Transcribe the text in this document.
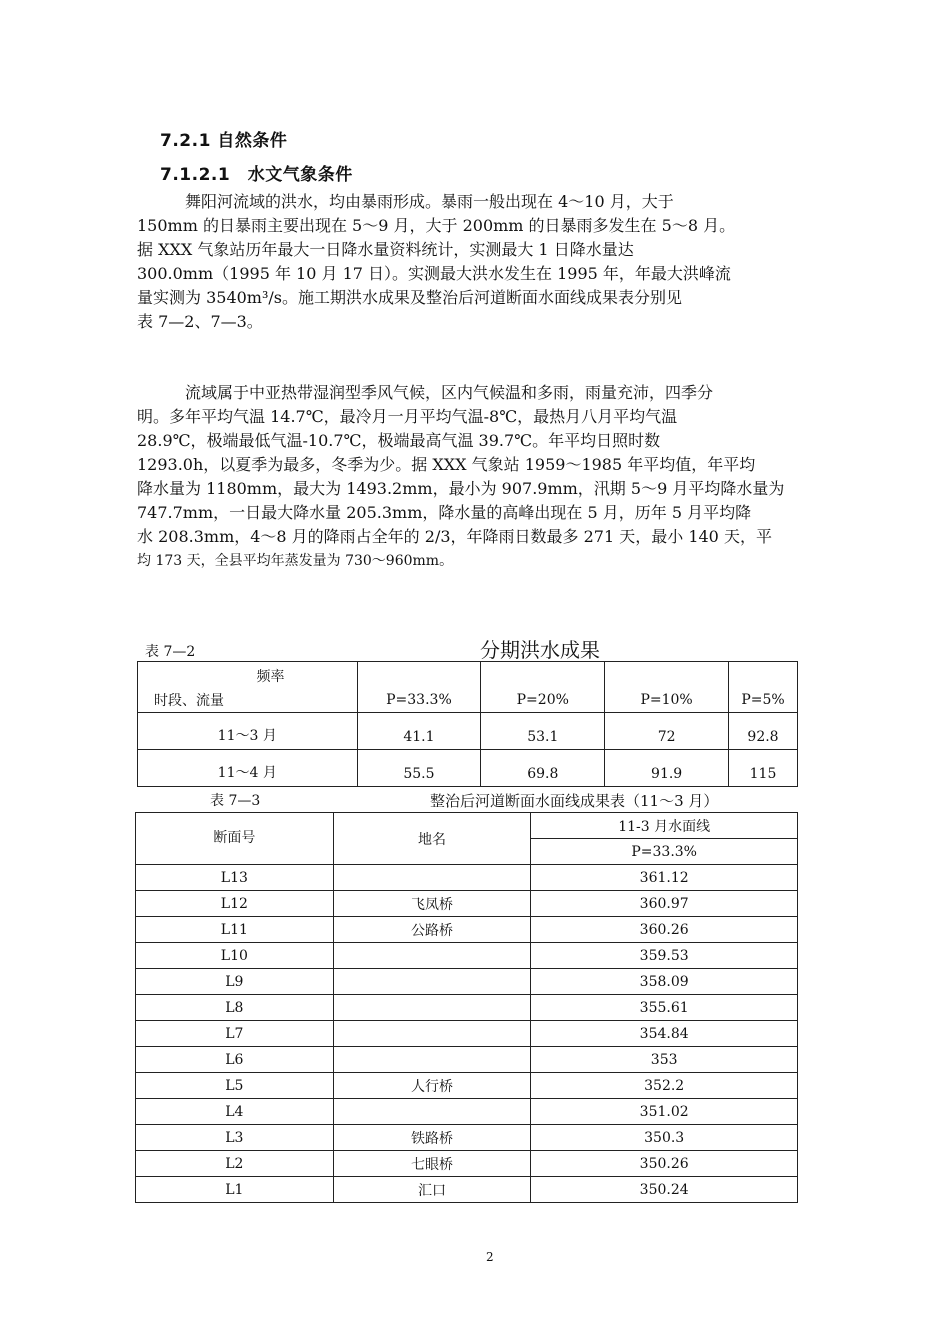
7.2.1 自然条件
7.1.2.1　水文气象条件
舞阳河流域的洪水，均由暴雨形成。暴雨一般出现在 4～10 月，大于
150mm 的日暴雨主要出现在 5～9 月，大于 200mm 的日暴雨多发生在 5～8 月。
据 XXX 气象站历年最大一日降水量资料统计，实测最大 1 日降水量达
300.0mm（1995 年 10 月 17 日）。实测最大洪水发生在 1995 年，年最大洪峰流
量实测为 3540m³/s。施工期洪水成果及整治后河道断面水面线成果表分别见
表 7—2、7—3。
流域属于中亚热带湿润型季风气候，区内气候温和多雨，雨量充沛，四季分
明。多年平均气温 14.7℃，最冷月一月平均气温-8℃，最热月八月平均气温
28.9℃，极端最低气温-10.7℃，极端最高气温 39.7℃。年平均日照时数
1293.0h，以夏季为最多，冬季为少。据 XXX 气象站 1959～1985 年平均值，年平均
降水量为 1180mm，最大为 1493.2mm，最小为 907.9mm，汛期 5～9 月平均降水量为
747.7mm，一日最大降水量 205.3mm，降水量的高峰出现在 5 月，历年 5 月平均降
水 208.3mm，4～8 月的降雨占全年的 2/3，年降雨日数最多 271 天，最小 140 天，平
均 173 天，全县平均年蒸发量为 730～960mm。
表 7—2	分期洪水成果
频率
时段、流量	P=33.3%	P=20%	P=10%	P=5%
11～3 月	41.1	53.1	72	92.8
11～4 月	55.5	69.8	91.9	115
表 7—3	整治后河道断面水面线成果表（11～3 月）
断面号	地名	11-3 月水面线
		P=33.3%
L13		361.12
L12	飞凤桥	360.97
L11	公路桥	360.26
L10		359.53
L9		358.09
L8		355.61
L7		354.84
L6		353
L5	人行桥	352.2
L4		351.02
L3	铁路桥	350.3
L2	七眼桥	350.26
L1	汇口	350.24
2
